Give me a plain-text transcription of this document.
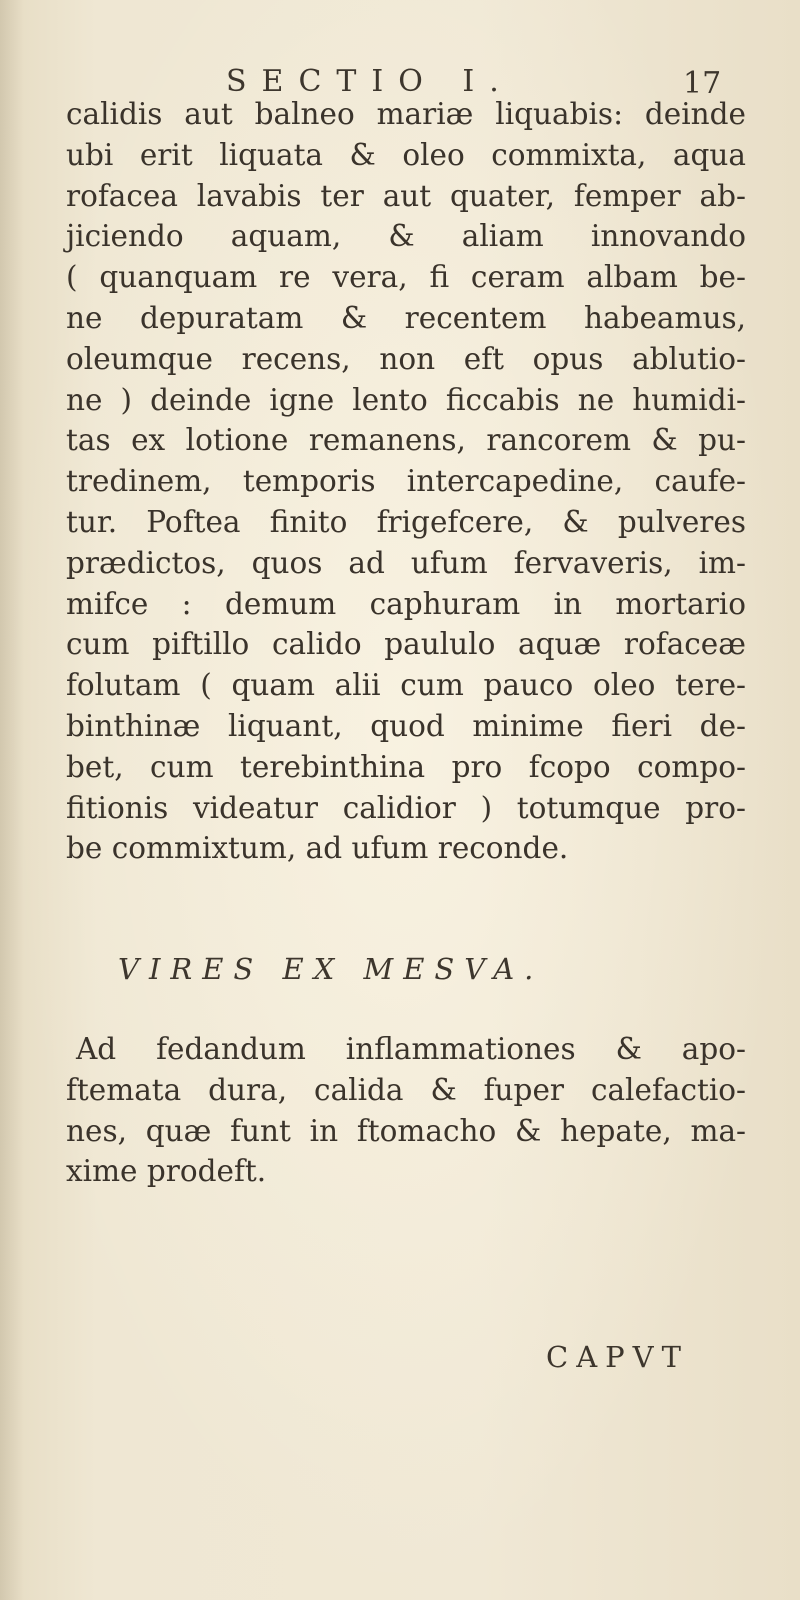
SECTIO I.	17
calidis aut balneo mariæ liquabis: deinde
ubi erit liquata & oleo commixta, aqua
rofacea lavabis ter aut quater, femper ab-
jiciendo aquam, & aliam innovando
( quanquam re vera, fi ceram albam be-
ne depuratam & recentem habeamus,
oleumque recens, non eft opus ablutio-
ne ) deinde igne lento ficcabis ne humidi-
tas ex lotione remanens, rancorem & pu-
tredinem, temporis intercapedine, caufe-
tur. Poftea finito frigefcere, & pulveres
prædictos, quos ad ufum fervaveris, im-
mifce : demum caphuram in mortario
cum piftillo calido paululo aquæ rofaceæ
folutam ( quam alii cum pauco oleo tere-
binthinæ liquant, quod minime fieri de-
bet, cum terebinthina pro fcopo compo-
fitionis videatur calidior ) totumque pro-
be commixtum, ad ufum reconde.
VIRES EX MESVA.
Ad fedandum inflammationes & apo-
ftemata dura, calida & fuper calefactio-
nes, quæ funt in ftomacho & hepate, ma-
xime prodeft.
CAPVT
